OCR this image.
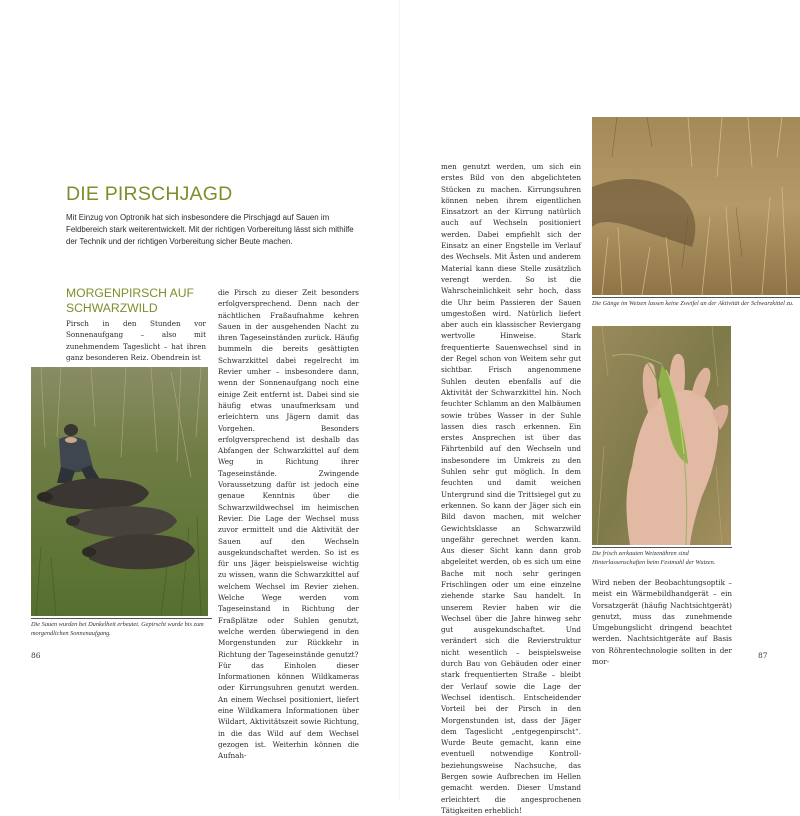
DIE PIRSCHJAGD

Mit Einzug von Optronik hat sich insbesondere die Pirschjagd auf Sauen im Feldbereich stark weiterentwickelt. Mit der richtigen Vorbereitung lässt sich mithilfe der Technik und der richtigen Vorbereitung sicher Beute machen.

MORGENPIRSCH AUF SCHWARZWILD

Pirsch in den Stunden vor Sonnenaufgang – also mit zunehmendem Tageslicht – hat ihren ganz besonderen Reiz. Obendrein ist

Die Sauen wurden bei Dunkelheit erbeutet. Gepirscht wurde bis zum morgendlichen Sonnenaufgang.

die Pirsch zu dieser Zeit besonders erfolgversprechend. Denn nach der nächtlichen Fraßaufnahme kehren Sauen in der ausgehenden Nacht zu ihren Tageseinständen zurück. Häufig bummeln die bereits gesättigten Schwarzkittel dabei regelrecht im Revier umher – insbesondere dann, wenn der Sonnenaufgang noch eine einige Zeit entfernt ist. Dabei sind sie häufig etwas unaufmerksam und erleichtern uns Jägern damit das Vorgehen. Besonders erfolgversprechend ist deshalb das Abfangen der Schwarzkittel auf dem Weg in Richtung ihrer Tageseinstände. Zwingende Voraussetzung dafür ist jedoch eine genaue Kenntnis über die Schwarzwildwechsel im heimischen Revier. Die Lage der Wechsel muss zuvor ermittelt und die Aktivität der Sauen auf den Wechseln ausgekundschaftet werden. So ist es für uns Jäger beispielsweise wichtig zu wissen, wann die Schwarzkittel auf welchem Wechsel im Revier ziehen. Welche Wege werden vom Tageseinstand in Richtung der Fraßplätze oder Suhlen genutzt, welche werden überwiegend in den Morgenstunden zur Rückkehr in Richtung der Tageseinstände genutzt?

Für das Einholen dieser Informationen können Wildkameras oder Kirrungsuhren genutzt werden. An einem Wechsel positioniert, liefert eine Wildkamera Informationen über Wildart, Aktivitätszeit sowie Richtung, in die das Wild auf dem Wechsel gezogen ist. Weiterhin können die Aufnah-

86

men genutzt werden, um sich ein erstes Bild von den abgelichteten Stücken zu machen. Kirrungsuhren können neben ihrem eigentlichen Einsatzort an der Kirrung natürlich auch auf Wechseln positioniert werden. Dabei empfiehlt sich der Einsatz an einer Engstelle im Verlauf des Wechsels. Mit Ästen und anderem Material kann diese Stelle zusätzlich verengt werden. So ist die Wahrscheinlichkeit sehr hoch, dass die Uhr beim Passieren der Sauen umgestoßen wird. Natürlich liefert aber auch ein klassischer Reviergang wertvolle Hinweise. Stark frequentierte Sauenwechsel sind in der Regel schon von Weitem sehr gut sichtbar. Frisch angenommene Suhlen deuten ebenfalls auf die Aktivität der Schwarzkittel hin. Noch feuchter Schlamm an den Malbäumen sowie trübes Wasser in der Suhle lassen dies rasch erkennen. Ein erstes Ansprechen ist über das Fährtenbild auf den Wechseln und insbesondere im Umkreis zu den Suhlen sehr gut möglich. In dem feuchten und damit weichen Untergrund sind die Trittsiegel gut zu erkennen. So kann der Jäger sich ein Bild davon machen, mit welcher Gewichtsklasse an Schwarzwild ungefähr gerechnet werden kann. Aus dieser Sicht kann dann grob abgeleitet werden, ob es sich um eine Bache mit noch sehr geringen Frischlingen oder um eine einzelne ziehende starke Sau handelt. In unserem Revier haben wir die Wechsel über die Jahre hinweg sehr gut ausgekundschaftet. Und verändert sich die Revierstruktur nicht wesentlich – beispielsweise durch Bau von Gebäuden oder einer stark frequentierten Straße – bleibt der Verlauf sowie die Lage der Wechsel identisch. Entscheidender Vorteil bei der Pirsch in den Morgenstunden ist, dass der Jäger dem Tageslicht „entgegenpirscht“. Wurde Beute gemacht, kann eine eventuell notwendige Kontroll- beziehungsweise Nachsuche, das Bergen sowie Aufbrechen im Hellen gemacht werden. Dieser Umstand erleichtert die angesprochenen Tätigkeiten erheblich!

Die Gänge im Weizen lassen keine Zweifel an der Aktivität der Schwarzkittel zu.

Die frisch zerkauten Weizenähren sind Hinterlassenschaften beim Festmahl der Wutzen.

Wird neben der Beobachtungsoptik – meist ein Wärmebildhandgerät – ein Vorsatzgerät (häufig Nachtsichtgerät) genutzt, muss das zunehmende Umgebungslicht dringend beachtet werden. Nachtsichtgeräte auf Basis von Röhrentechnologie sollten in der mor-

87
